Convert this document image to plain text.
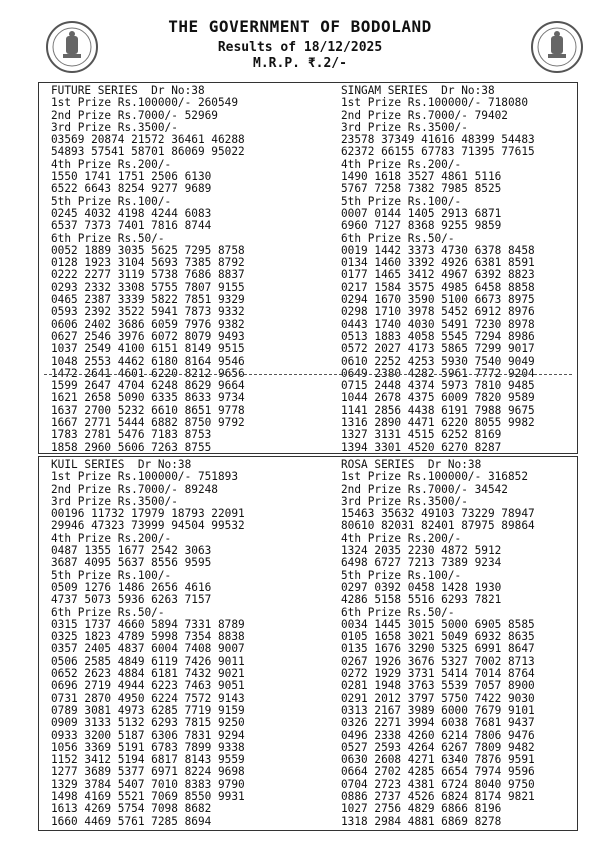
THE GOVERNMENT OF BODOLAND
Results of 18/12/2025
M.R.P. ₹.2/-
FUTURE SERIES  Dr No:38
1st Prize Rs.100000/- 260549
2nd Prize Rs.7000/- 52969
3rd Prize Rs.3500/-
03569 20874 21572 36461 46288
54893 57541 58701 86069 95022
4th Prize Rs.200/-
1550 1741 1751 2506 6130
6522 6643 8254 9277 9689
5th Prize Rs.100/-
0245 4032 4198 4244 6083
6537 7373 7401 7816 8744
6th Prize Rs.50/-
0052 1889 3035 5625 7295 8758
0128 1923 3104 5693 7385 8792
0222 2277 3119 5738 7686 8837
0293 2332 3308 5755 7807 9155
0465 2387 3339 5822 7851 9329
0593 2392 3522 5941 7873 9332
0606 2402 3686 6059 7976 9382
0627 2546 3976 6072 8079 9493
1037 2549 4100 6151 8149 9515
1048 2553 4462 6180 8164 9546
1472 2641 4601 6220 8212 9656
1599 2647 4704 6248 8629 9664
1621 2658 5090 6335 8633 9734
1637 2700 5232 6610 8651 9778
1667 2771 5444 6882 8750 9792
1783 2781 5476 7183 8753
1858 2960 5606 7263 8755
SINGAM SERIES  Dr No:38
1st Prize Rs.100000/- 718080
2nd Prize Rs.7000/- 79402
3rd Prize Rs.3500/-
23578 37349 41616 48399 54483
62372 66155 67783 71395 77615
4th Prize Rs.200/-
1490 1618 3527 4861 5116
5767 7258 7382 7985 8525
5th Prize Rs.100/-
0007 0144 1405 2913 6871
6960 7127 8368 9255 9859
6th Prize Rs.50/-
0019 1442 3373 4730 6378 8458
0134 1460 3392 4926 6381 8591
0177 1465 3412 4967 6392 8823
0217 1584 3575 4985 6458 8858
0294 1670 3590 5100 6673 8975
0298 1710 3978 5452 6912 8976
0443 1740 4030 5491 7230 8978
0513 1883 4058 5545 7294 8986
0572 2027 4173 5865 7299 9017
0610 2252 4253 5930 7540 9049
0649 2380 4282 5961 7772 9204
0715 2448 4374 5973 7810 9485
1044 2678 4375 6009 7820 9589
1141 2856 4438 6191 7988 9675
1316 2890 4471 6220 8055 9982
1327 3131 4515 6252 8169
1394 3301 4520 6270 8287
KUIL SERIES  Dr No:38
1st Prize Rs.100000/- 751893
2nd Prize Rs.7000/- 89248
3rd Prize Rs.3500/-
00196 11732 17979 18793 22091
29946 47323 73999 94504 99532
4th Prize Rs.200/-
0487 1355 1677 2542 3063
3687 4095 5637 8556 9595
5th Prize Rs.100/-
0509 1276 1486 2656 4616
4737 5073 5936 6263 7157
6th Prize Rs.50/-
0315 1737 4660 5894 7331 8789
0325 1823 4789 5998 7354 8838
0357 2405 4837 6004 7408 9007
0506 2585 4849 6119 7426 9011
0652 2623 4884 6181 7432 9021
0696 2719 4944 6223 7463 9051
0731 2870 4950 6224 7572 9143
0789 3081 4973 6285 7719 9159
0909 3133 5132 6293 7815 9250
0933 3200 5187 6306 7831 9294
1056 3369 5191 6783 7899 9338
1152 3412 5194 6817 8143 9559
1277 3689 5377 6971 8224 9698
1329 3784 5407 7010 8383 9790
1498 4169 5521 7069 8550 9931
1613 4269 5754 7098 8682
1660 4469 5761 7285 8694
ROSA SERIES  Dr No:38
1st Prize Rs.100000/- 316852
2nd Prize Rs.7000/- 34542
3rd Prize Rs.3500/-
15463 35632 49103 73229 78947
80610 82031 82401 87975 89864
4th Prize Rs.200/-
1324 2035 2230 4872 5912
6498 6727 7213 7389 9234
5th Prize Rs.100/-
0297 0392 0458 1428 1930
4286 5158 5516 6293 7821
6th Prize Rs.50/-
0034 1445 3015 5000 6905 8585
0105 1658 3021 5049 6932 8635
0135 1676 3290 5325 6991 8647
0267 1926 3676 5327 7002 8713
0272 1929 3731 5414 7014 8764
0281 1948 3763 5539 7057 8900
0291 2012 3797 5750 7422 9030
0313 2167 3989 6000 7679 9101
0326 2271 3994 6038 7681 9437
0496 2338 4260 6214 7806 9476
0527 2593 4264 6267 7809 9482
0630 2608 4271 6340 7876 9591
0664 2702 4285 6654 7974 9596
0704 2723 4381 6724 8040 9750
0886 2737 4526 6824 8174 9821
1027 2756 4829 6866 8196
1318 2984 4881 6869 8278
